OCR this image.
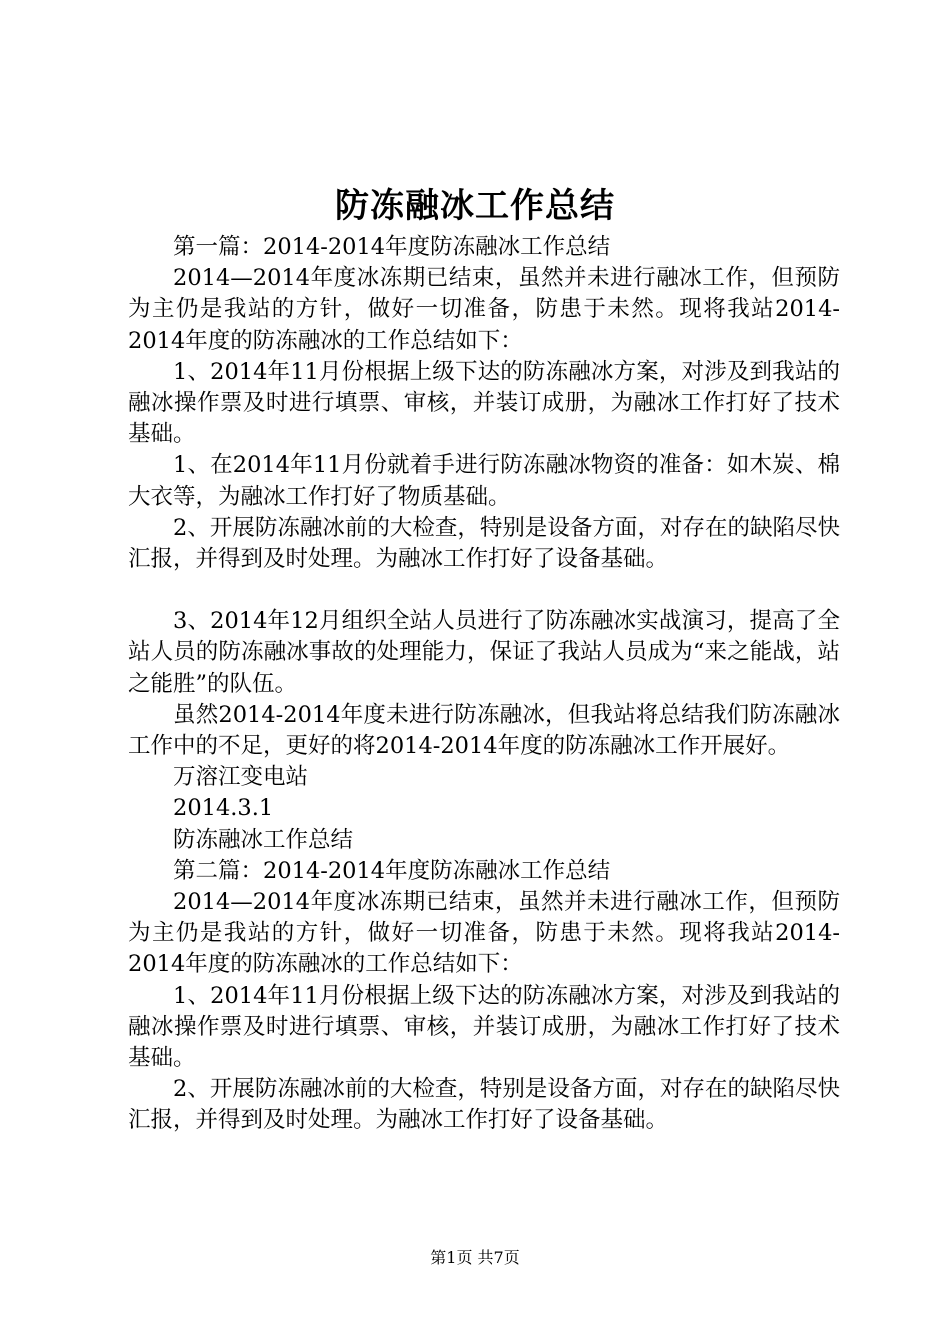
防冻融冰工作总结

第一篇：2014-2014年度防冻融冰工作总结

2014—2014年度冰冻期已结束，虽然并未进行融冰工作，但预防为主仍是我站的方针，做好一切准备，防患于未然。现将我站2014-2014年度的防冻融冰的工作总结如下：

1、2014年11月份根据上级下达的防冻融冰方案，对涉及到我站的融冰操作票及时进行填票、审核，并装订成册，为融冰工作打好了技术基础。

1、在2014年11月份就着手进行防冻融冰物资的准备：如木炭、棉大衣等，为融冰工作打好了物质基础。

2、开展防冻融冰前的大检查，特别是设备方面，对存在的缺陷尽快汇报，并得到及时处理。为融冰工作打好了设备基础。

3、2014年12月组织全站人员进行了防冻融冰实战演习，提高了全站人员的防冻融冰事故的处理能力，保证了我站人员成为“来之能战，站之能胜”的队伍。

虽然2014-2014年度未进行防冻融冰，但我站将总结我们防冻融冰工作中的不足，更好的将2014-2014年度的防冻融冰工作开展好。

万溶江变电站

2014.3.1

防冻融冰工作总结

第二篇：2014-2014年度防冻融冰工作总结

2014—2014年度冰冻期已结束，虽然并未进行融冰工作，但预防为主仍是我站的方针，做好一切准备，防患于未然。现将我站2014-2014年度的防冻融冰的工作总结如下：

1、2014年11月份根据上级下达的防冻融冰方案，对涉及到我站的融冰操作票及时进行填票、审核，并装订成册，为融冰工作打好了技术基础。

2、开展防冻融冰前的大检查，特别是设备方面，对存在的缺陷尽快汇报，并得到及时处理。为融冰工作打好了设备基础。

第1页 共7页
